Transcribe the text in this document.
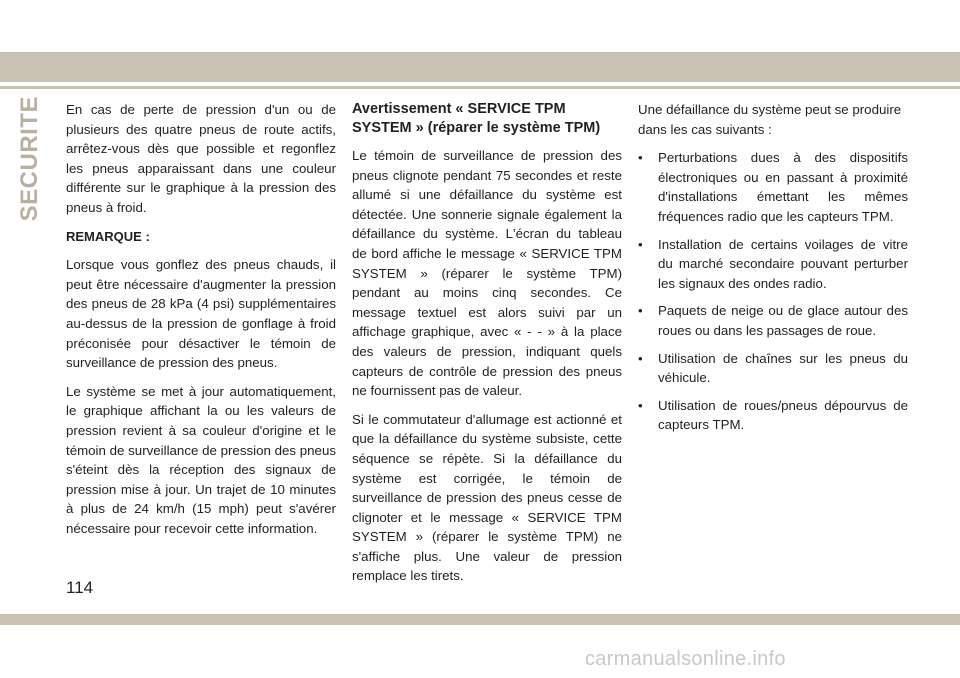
SECURITE En cas de perte de pression d'un ou de plusieurs des quatre pneus de route actifs, arrêtez-vous dès que possible et regonflez les pneus apparaissant dans une couleur différente sur le graphique à la pression des pneus à froid.

REMARQUE :

Lorsque vous gonflez des pneus chauds, il peut être nécessaire d'augmenter la pression des pneus de 28 kPa (4 psi) supplémentaires au-dessus de la pression de gonflage à froid préconisée pour désactiver le témoin de surveillance de pression des pneus.

Le système se met à jour automatiquement, le graphique affichant la ou les valeurs de pression revient à sa couleur d'origine et le témoin de surveillance de pression des pneus s'éteint dès la réception des signaux de pression mise à jour. Un trajet de 10 minutes à plus de 24 km/h (15 mph) peut s'avérer nécessaire pour recevoir cette information.

Avertissement « SERVICE TPM SYSTEM » (réparer le système TPM)

Le témoin de surveillance de pression des pneus clignote pendant 75 secondes et reste allumé si une défaillance du système est détectée. Une sonnerie signale également la défaillance du système. L'écran du tableau de bord affiche le message « SERVICE TPM SYSTEM » (réparer le système TPM) pendant au moins cinq secondes. Ce message textuel est alors suivi par un affichage graphique, avec « - - » à la place des valeurs de pression, indiquant quels capteurs de contrôle de pression des pneus ne fournissent pas de valeur.

Si le commutateur d'allumage est actionné et que la défaillance du système subsiste, cette séquence se répète. Si la défaillance du système est corrigée, le témoin de surveillance de pression des pneus cesse de clignoter et le message « SERVICE TPM SYSTEM » (réparer le système TPM) ne s'affiche plus. Une valeur de pression remplace les tirets.

Une défaillance du système peut se produire dans les cas suivants :

• Perturbations dues à des dispositifs électroniques ou en passant à proximité d'installations émettant les mêmes fréquences radio que les capteurs TPM.
• Installation de certains voilages de vitre du marché secondaire pouvant perturber les signaux des ondes radio.
• Paquets de neige ou de glace autour des roues ou dans les passages de roue.
• Utilisation de chaînes sur les pneus du véhicule.
• Utilisation de roues/pneus dépourvus de capteurs TPM.
114
carmanualsonline.info
